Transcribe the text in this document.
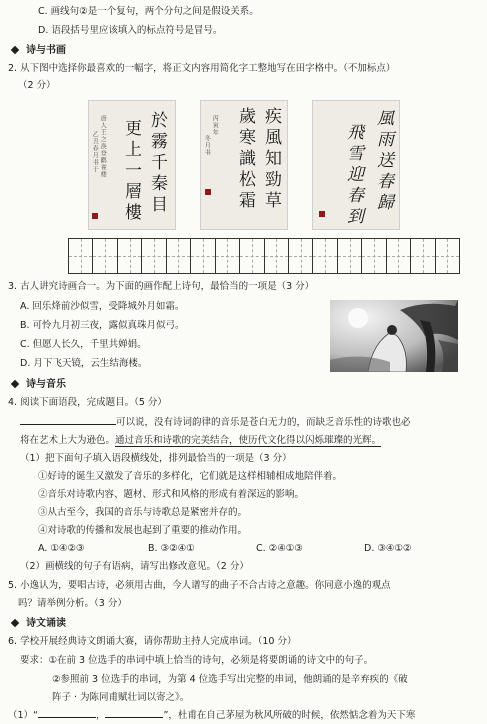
C. 画线句②是一个复句，两个分句之间是假设关系。
D. 语段括号里应该填入的标点符号是冒号。
诗与书画
2. 从下图中选择你最喜欢的一幅字，将正文内容用简化字工整地写在田字格中。（不加标点）
（2 分）
於霧千秦目
更上一層樓
唐人王之涣登鹳雀楼
乙丑春月书于	疾風知勁草
歲寒識松霜
丙寅年
冬月书	風雨送春歸
飛雪迎春到
3. 古人讲究诗画合一。为下面的画作配上诗句，最恰当的一项是（3 分）
A. 回乐烽前沙似雪，受降城外月如霜。
B. 可怜九月初三夜，露似真珠月似弓。
C. 但愿人长久，千里共婵娟。
D. 月下飞天镜，云生结海楼。
诗与音乐
4. 阅读下面语段，完成题目。（5 分）
可以说，没有诗词韵律的音乐是苍白无力的，而缺乏音乐性的诗歌也必
将在艺术上大为逊色。通过音乐和诗歌的完美结合，使历代文化得以闪烁璀璨的光辉。
（1）把下面句子填入语段横线处，排列最恰当的一项是（3 分）
①好诗的诞生又激发了音乐的多样化，它们就是这样相辅相成地陪伴着。
②音乐对诗歌内容、题材、形式和风格的形成有着深远的影响。
③从古至今，我国的音乐与诗歌总是紧密并存的。
④对诗歌的传播和发展也起到了重要的推动作用。
A. ①④②③	B. ③②④①	C. ②④①③	D. ③④①②
（2）画横线的句子有语病，请写出修改意见。（2 分）
5. 小逸认为，要唱古诗，必须用古曲，今人谱写的曲子不合古诗之意趣。你同意小逸的观点
吗？请举例分析。（3 分）
诗文诵读
6. 学校开展经典诗文朗诵大赛，请你帮助主持人完成串词。（10 分）
要求：①在前 3 位选手的串词中填上恰当的诗句，必须是将要朗诵的诗文中的句子。
②参照前 3 位选手的串词，为第 4 位选手写出完整的串词，他朗诵的是辛弃疾的《破
阵子 · 为陈同甫赋壮词以寄之》。
（1）“	，	”，杜甫在自己茅屋为秋风所破的时候，依然惦念着为天下寒
